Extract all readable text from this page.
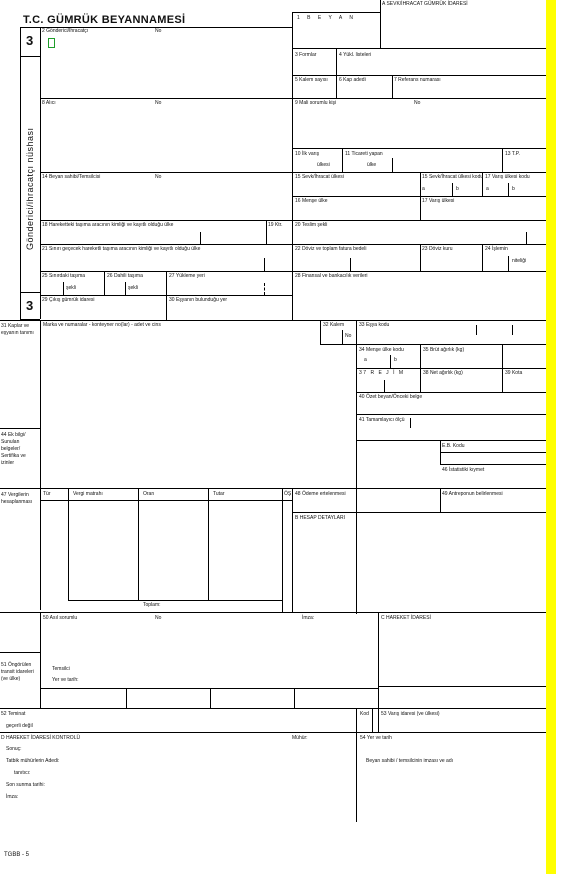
T.C. GÜMRÜK BEYANNAMESİ
A SEVK/İHRACAT GÜMRÜK İDARESİ
3
3
Gönderici/ihracatçı nüshası
1 B E Y A N
2 Gönderici/İhracatçı	No
3 Formlar	4 Yükl. listeleri
5 Kalem sayısı 6 Kap adedi	7 Referans numarası
8 Alıcı	No	9 Mali sorumlu kişi	No
10 İlk varış
ülkesi
11 Ticareti yapan
ülke
13 T.P.
14 Beyan sahibi/Temsilcisi	No	15 Sevk/İhracat ülkesi	15 Sevk/İhracat ülkesi kodu 17 Varış ülkesi kodu
a	b	a	b
16 Menşe ülke	17 Varış ülkesi
18 Hareketteki taşıma aracının kimliği ve kayıtlı olduğu ülke	19 Ktr.	20 Teslim şekli
21 Sınırı geçecek hareketli taşıma aracının kimliği ve kayıtlı olduğu ülke	22 Döviz ve toplam fatura bedeli	23 Döviz kuru	24 İşlemin
niteliği
25 Sınırdaki taşıma
şekli
26 Dahili taşıma
şekli
27 Yükleme yeri	28 Finansal ve bankacılık verileri
29 Çıkış gümrük idaresi	30 Eşyanın bulunduğu yer
31 Kaplar ve eşyanın tanımı
Marka ve numaralar - konteyner no(lar) - adet ve cins	32 Kalem
No
33 Eşya kodu
34 Menşe ülke kodu
a	b
35 Brüt ağırlık (kg)
37 R E J İ M	38 Net ağırlık (kg)	39 Kota
40 Özet beyan/Önceki belge
41 Tamamlayıcı ölçü
44 Ek bilgi/ Sunulan belgeler/ Sertifika ve izinler
E.B. Kodu
46 İstatistiki kıymet
47 Vergilerin hesaplanması
Tür	Vergi matrahı	Oran	Tutar	ÖŞ
Toplam:
48 Ödeme ertelenmesi	49 Antreponun belirlenmesi
B HESAP DETAYLARI
50 Asıl sorumlu	No	İmza:	C HAREKET İDARESİ
51 Öngörülen transit idareleri (ve ülke)
Temsilci
Yer ve tarih:
52 Teminat
geçerli değil
Kod 53 Varış idaresi (ve ülkesi)
D HAREKET İDARESİ KONTROLÜ	Mühür:
Sonuç:
Tatbik mühürlerin Adedi:
tanıtıcı:
Son sunma tarihi:
İmza:
54 Yer ve tarih
Beyan sahibi / temsilcinin imzası ve adı
TGBB - 5
